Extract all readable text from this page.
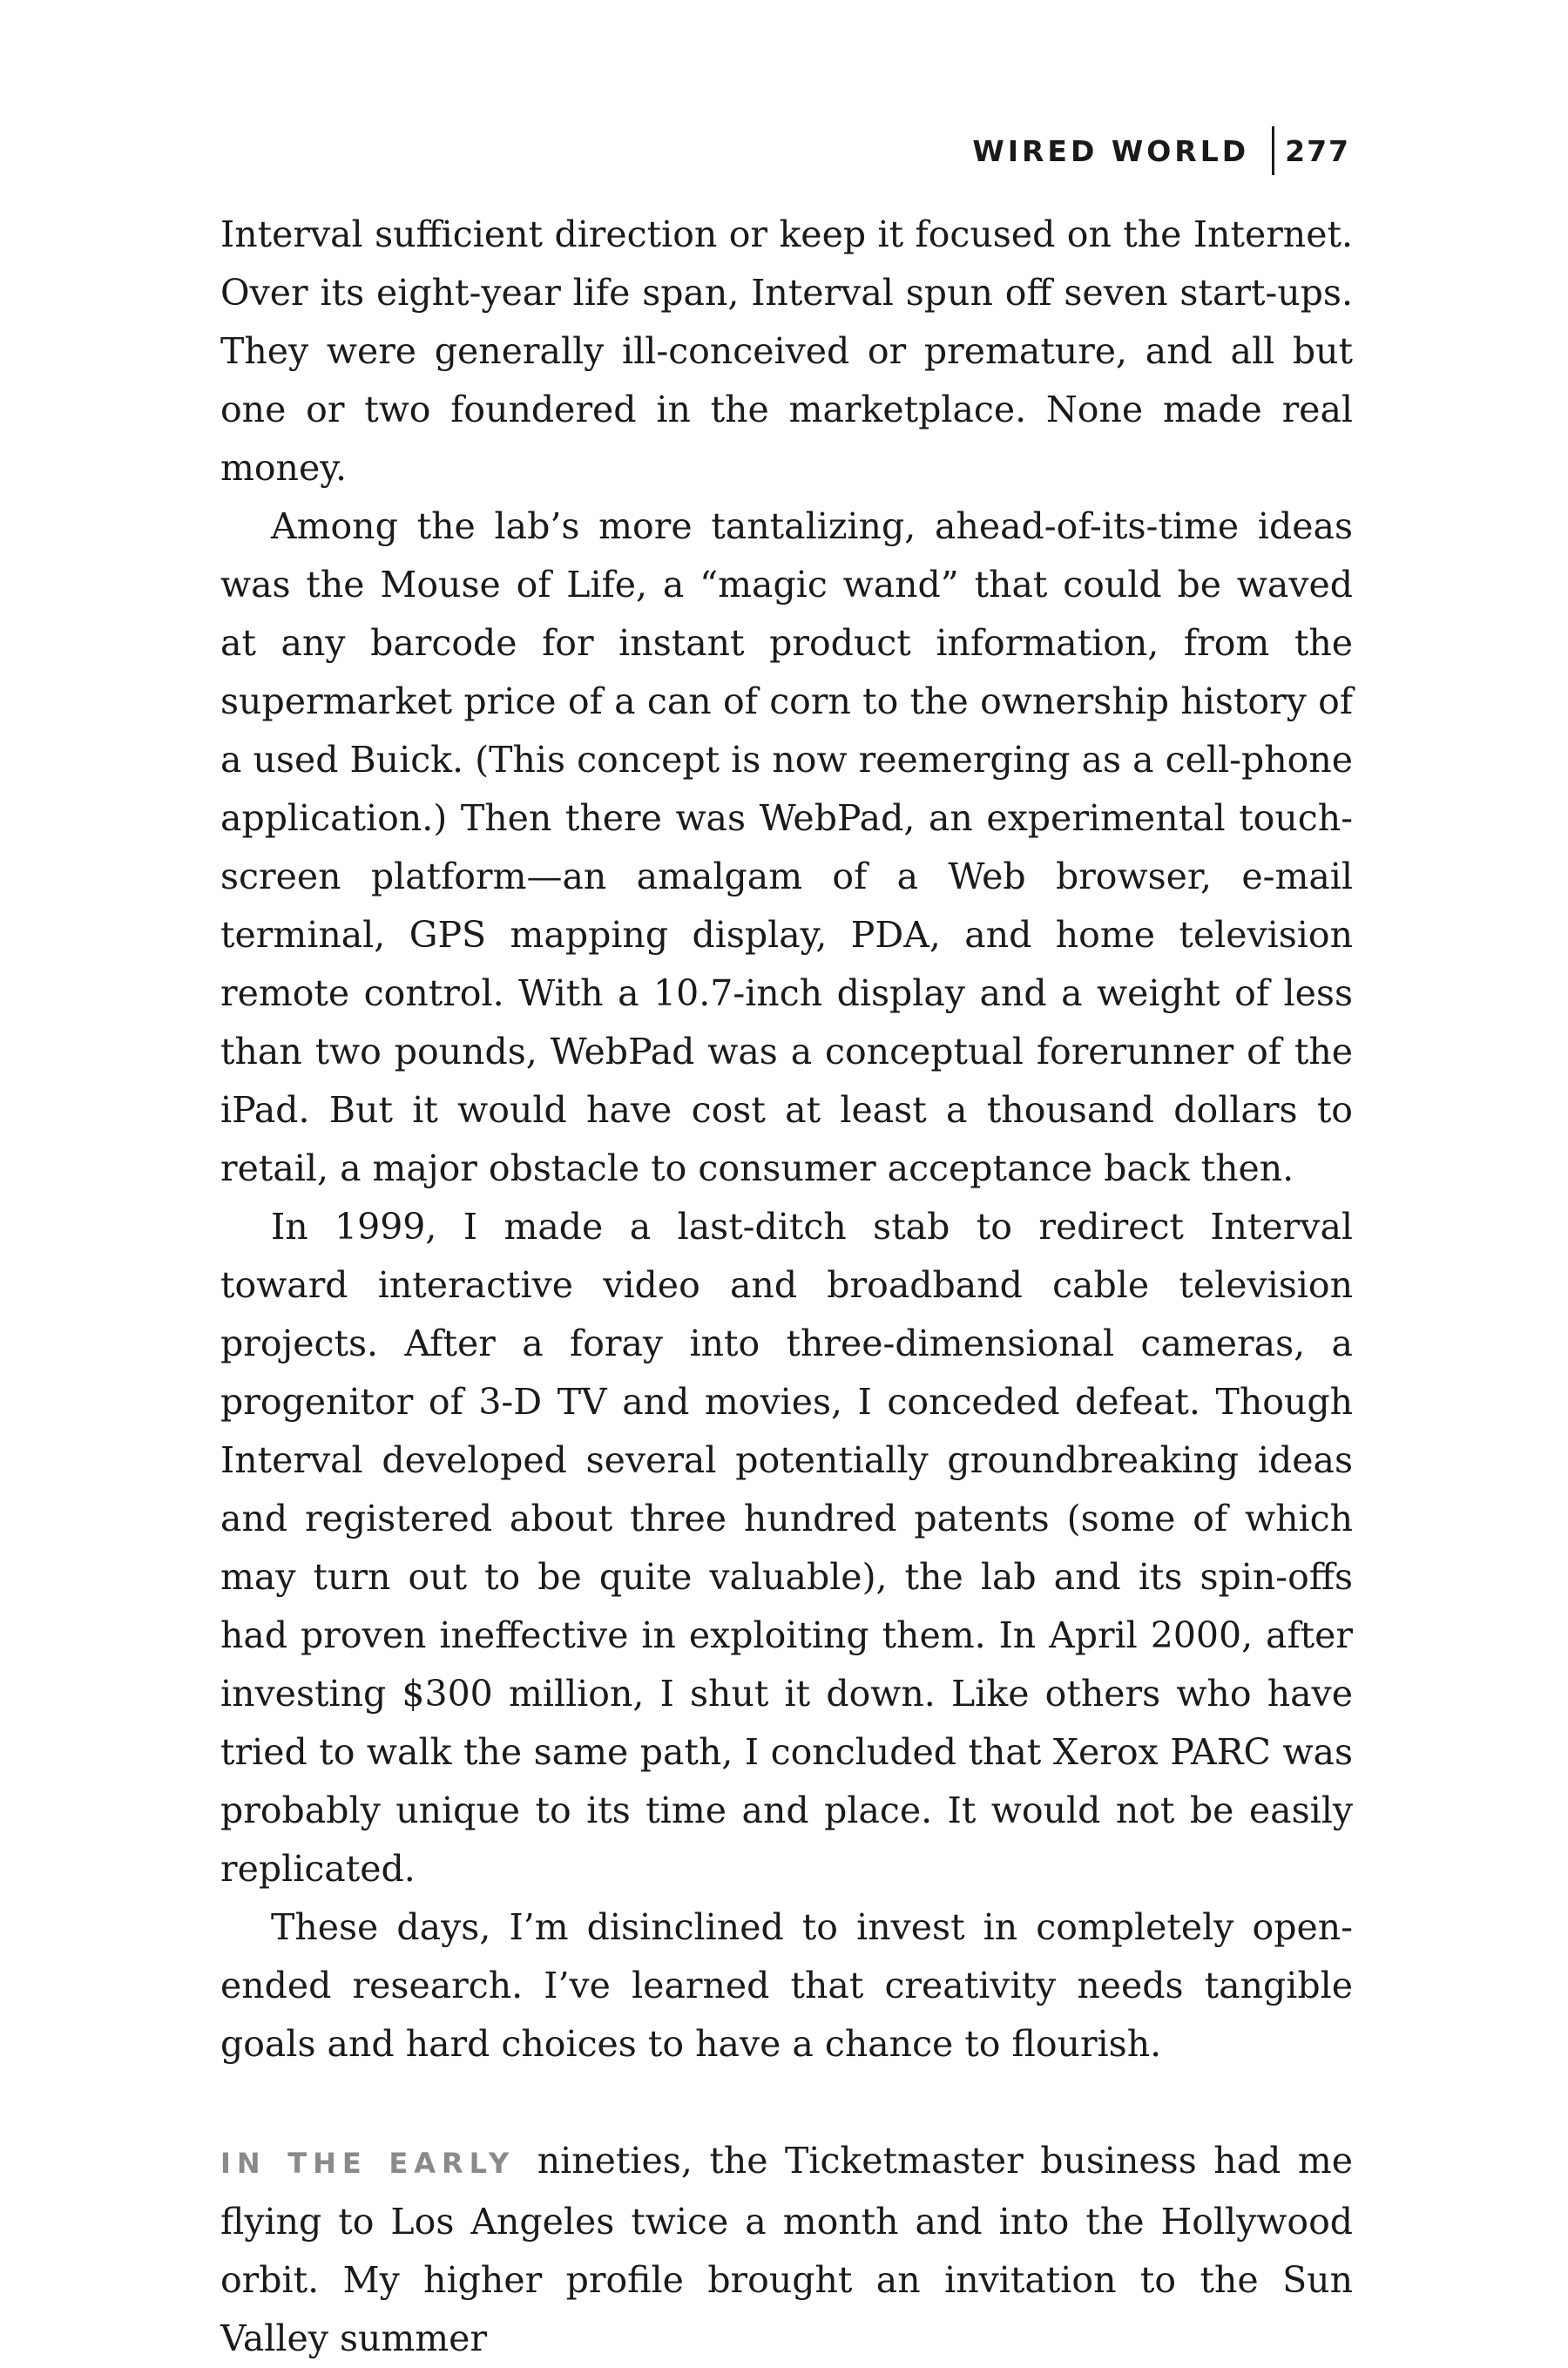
WIRED WORLD 277

Interval sufficient direction or keep it focused on the Internet. Over its eight-year life span, Interval spun off seven start-ups. They were generally ill-conceived or premature, and all but one or two foundered in the marketplace. None made real money.

Among the lab’s more tantalizing, ahead-of-its-time ideas was the Mouse of Life, a “magic wand” that could be waved at any barcode for instant product information, from the supermarket price of a can of corn to the ownership history of a used Buick. (This concept is now reemerging as a cell-phone application.) Then there was WebPad, an experimental touch-screen platform—an amalgam of a Web browser, e-mail terminal, GPS mapping display, PDA, and home television remote control. With a 10.7-inch display and a weight of less than two pounds, WebPad was a conceptual forerunner of the iPad. But it would have cost at least a thousand dollars to retail, a major obstacle to consumer acceptance back then.

In 1999, I made a last-ditch stab to redirect Interval toward interactive video and broadband cable television projects. After a foray into three-dimensional cameras, a progenitor of 3-D TV and movies, I conceded defeat. Though Interval developed several potentially groundbreaking ideas and registered about three hundred patents (some of which may turn out to be quite valuable), the lab and its spin-offs had proven ineffective in exploiting them. In April 2000, after investing $300 million, I shut it down. Like others who have tried to walk the same path, I concluded that Xerox PARC was probably unique to its time and place. It would not be easily replicated.

These days, I’m disinclined to invest in completely open-ended research. I’ve learned that creativity needs tangible goals and hard choices to have a chance to flourish.

IN THE EARLY nineties, the Ticketmaster business had me flying to Los Angeles twice a month and into the Hollywood orbit. My higher profile brought an invitation to the Sun Valley summer
